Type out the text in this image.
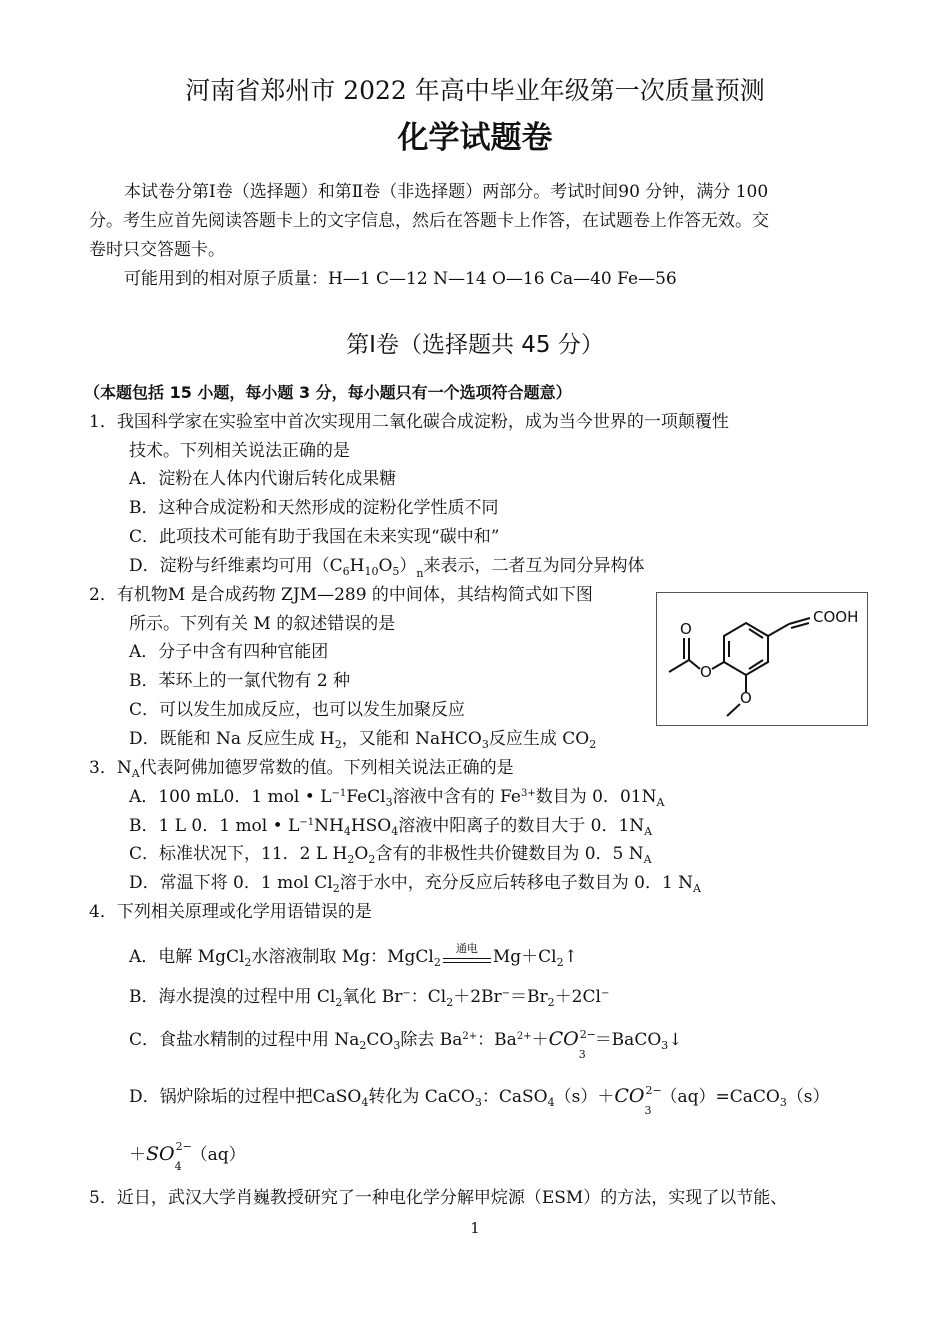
河南省郑州市 2022 年高中毕业年级第一次质量预测
化学试题卷
本试卷分第Ⅰ卷（选择题）和第Ⅱ卷（非选择题）两部分。考试时间90 分钟，满分 100
分。考生应首先阅读答题卡上的文字信息，然后在答题卡上作答，在试题卷上作答无效。交
卷时只交答题卡。
可能用到的相对原子质量：H—1 C—12 N—14 O—16 Ca—40 Fe—56
第Ⅰ卷（选择题共 45 分）
（本题包括 15 小题，每小题 3 分，每小题只有一个选项符合题意）
1．我国科学家在实验室中首次实现用二氧化碳合成淀粉，成为当今世界的一项颠覆性
技术。下列相关说法正确的是
A．淀粉在人体内代谢后转化成果糖
B．这种合成淀粉和天然形成的淀粉化学性质不同
C．此项技术可能有助于我国在未来实现“碳中和”
D．淀粉与纤维素均可用$(C_6H_{10}O_5)_n$来表示，二者互为同分异构体
2．有机物M 是合成药物 ZJM—289 的中间体，其结构简式如下图
所示。下列有关 M 的叙述错误的是
A．分子中含有四种官能团
B．苯环上的一氯代物有 2 种
C．可以发生加成反应，也可以发生加聚反应
D．既能和 Na 反应生成 $H_2$，又能和 NaHCO$_3$反应生成 $CO_2$
O
O
O
COOH
3．$N_A$代表阿佛加德罗常数的值。下列相关说法正确的是
A．100 mL0．1 mol • $L^{-1}FeCl_3$溶液中含有的 $Fe^{3+}$数目为 0．$01N_A$
B．1 L 0．1 mol • $L^{-1}NH_4HSO_4$溶液中阳离子的数目大于 0．$1N_A$
C．标准状况下，11．2 L $H_2O_2$含有的非极性共价键数目为 0．5 $N_A$
D．常温下将 0．1 mol $Cl_2$溶于水中，充分反应后转移电子数目为 0．1 $N_A$
4．下列相关原理或化学用语错误的是
A．电解 MgCl$_2$水溶液制取 Mg：MgCl$_2$
通电 $Mg+Cl_2↑$
B．海水提溴的过程中用 $Cl_2$氧化 Br−：$Cl_2+2Br^-=Br_2+2Cl^-$
C．食盐水精制的过程中用 $Na_2CO_3$除去 $Ba^{2+}$：$Ba^{2+}+CO$ 2−
3
＝BaCO$_3$↓
D．锅炉除垢的过程中把CaSO$_4$转化为 CaCO$_3$：CaSO$_4$（s）＋CO 2−
3
（aq）=CaCO$_3$（s）
＋SO 2−
4
（aq）
5．近日，武汉大学肖巍教授研究了一种电化学分解甲烷源（ESM）的方法，实现了以节能、
1
